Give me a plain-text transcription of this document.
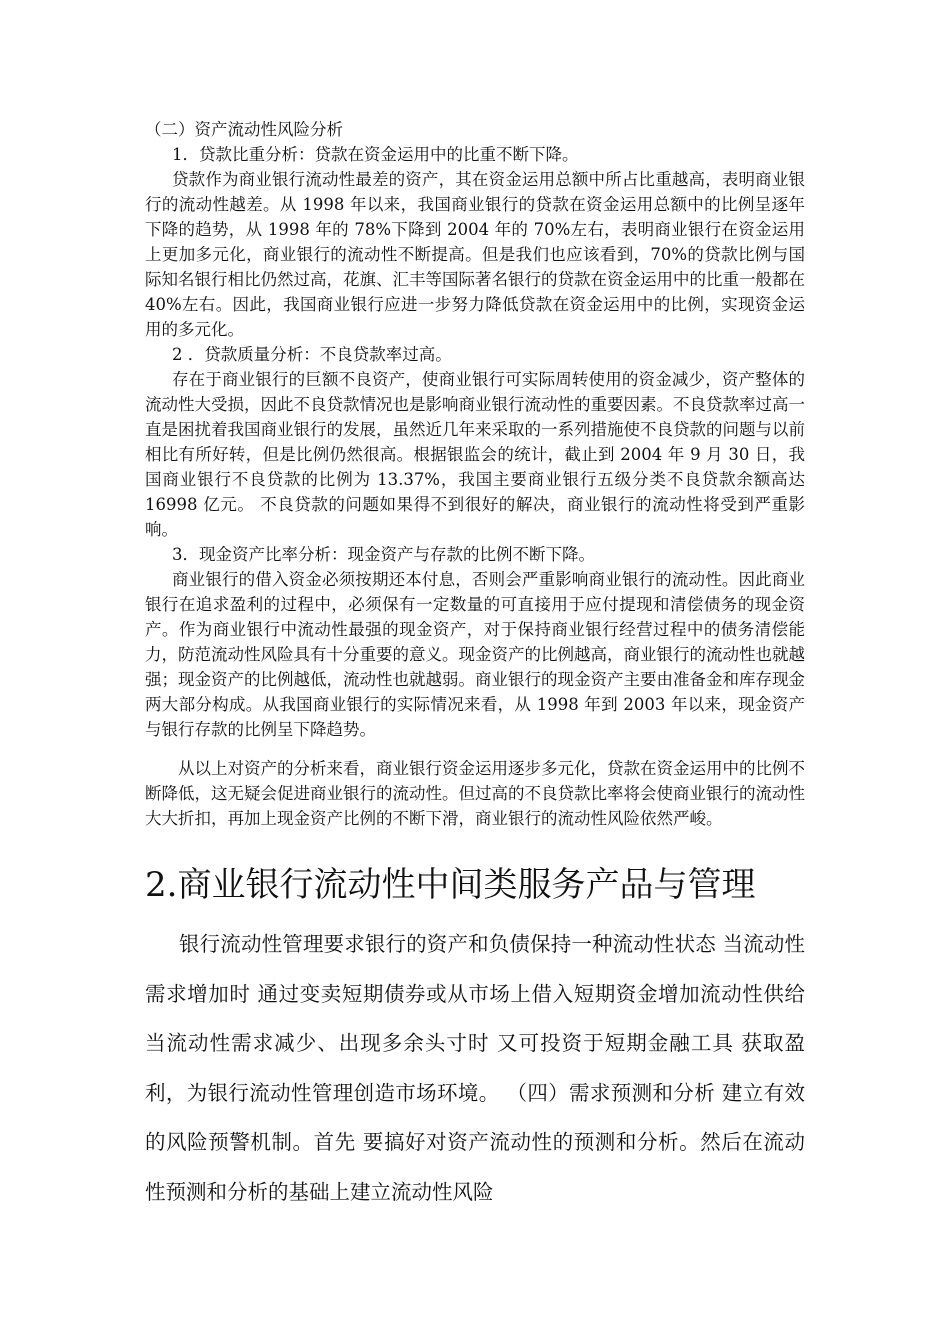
（二）资产流动性风险分析

1．贷款比重分析：贷款在资金运用中的比重不断下降。

贷款作为商业银行流动性最差的资产，其在资金运用总额中所占比重越高，表明商业银行的流动性越差。从 1998 年以来，我国商业银行的贷款在资金运用总额中的比例呈逐年下降的趋势，从 1998 年的 78%下降到 2004 年的 70%左右，表明商业银行在资金运用上更加多元化，商业银行的流动性不断提高。但是我们也应该看到，70%的贷款比例与国际知名银行相比仍然过高，花旗、汇丰等国际著名银行的贷款在资金运用中的比重一般都在 40%左右。因此，我国商业银行应进一步努力降低贷款在资金运用中的比例，实现资金运用的多元化。

2 ．贷款质量分析：不良贷款率过高。

存在于商业银行的巨额不良资产，使商业银行可实际周转使用的资金减少，资产整体的流动性大受损，因此不良贷款情况也是影响商业银行流动性的重要因素。不良贷款率过高一直是困扰着我国商业银行的发展，虽然近几年来采取的一系列措施使不良贷款的问题与以前相比有所好转，但是比例仍然很高。根据银监会的统计，截止到 2004 年 9 月 30 日，我国商业银行不良贷款的比例为 13.37%，我国主要商业银行五级分类不良贷款余额高达 16998 亿元。 不良贷款的问题如果得不到很好的解决，商业银行的流动性将受到严重影响。

3．现金资产比率分析：现金资产与存款的比例不断下降。

商业银行的借入资金必须按期还本付息，否则会严重影响商业银行的流动性。因此商业银行在追求盈利的过程中，必须保有一定数量的可直接用于应付提现和清偿债务的现金资产。作为商业银行中流动性最强的现金资产，对于保持商业银行经营过程中的债务清偿能力，防范流动性风险具有十分重要的意义。现金资产的比例越高，商业银行的流动性也就越强；现金资产的比例越低，流动性也就越弱。商业银行的现金资产主要由准备金和库存现金两大部分构成。从我国商业银行的实际情况来看，从 1998 年到 2003 年以来，现金资产与银行存款的比例呈下降趋势。

从以上对资产的分析来看，商业银行资金运用逐步多元化，贷款在资金运用中的比例不断降低，这无疑会促进商业银行的流动性。但过高的不良贷款比率将会使商业银行的流动性大大折扣，再加上现金资产比例的不断下滑，商业银行的流动性风险依然严峻。

2.商业银行流动性中间类服务产品与管理

银行流动性管理要求银行的资产和负债保持一种流动性状态 当流动性需求增加时 通过变卖短期债券或从市场上借入短期资金增加流动性供给 当流动性需求减少、出现多余头寸时 又可投资于短期金融工具 获取盈利，为银行流动性管理创造市场环境。 （四）需求预测和分析 建立有效的风险预警机制。首先 要搞好对资产流动性的预测和分析。然后在流动性预测和分析的基础上建立流动性风险
